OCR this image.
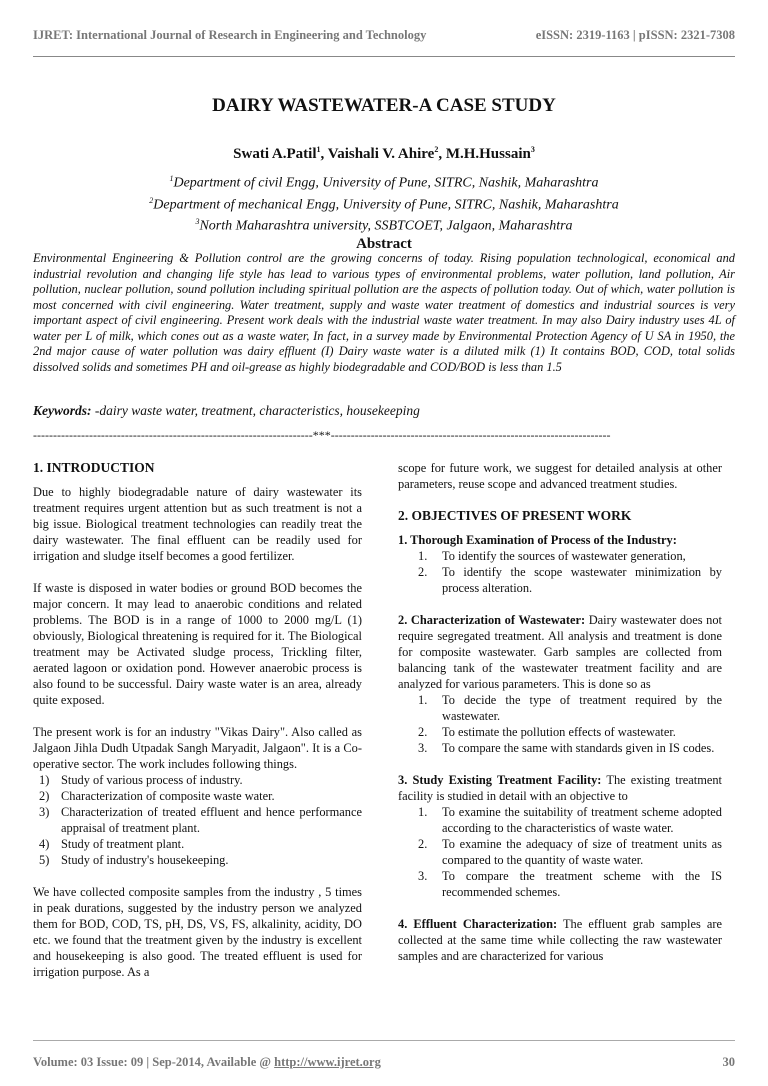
IJRET: International Journal of Research in Engineering and Technology	eISSN: 2319-1163 | pISSN: 2321-7308
DAIRY WASTEWATER-A CASE STUDY
Swati A.Patil$^1$, Vaishali V. Ahire$^2$, M.H.Hussain$^3$
$^1$Department of civil Engg, University of Pune, SITRC, Nashik, Maharashtra
$^2$Department of mechanical Engg, University of Pune, SITRC, Nashik, Maharashtra
$^3$North Maharashtra university, SSBTCOET, Jalgaon, Maharashtra
Abstract
Environmental Engineering & Pollution control are the growing concerns of today. Rising population technological, economical and industrial revolution and changing life style has lead to various types of environmental problems, water pollution, land pollution, Air pollution, nuclear pollution, sound pollution including spiritual pollution are the aspects of pollution today. Out of which, water pollution is most concerned with civil engineering. Water treatment, supply and waste water treatment of domestics and industrial sources is very important aspect of civil engineering. Present work deals with the industrial waste water treatment. In may also Dairy industry uses 4L of water per L of milk, which cones out as a waste water, In fact, in a survey made by Environmental Protection Agency of U SA in 1950, the 2nd major cause of water pollution was dairy effluent (I) Dairy waste water is a diluted milk (1) It contains BOD, COD, total solids dissolved solids and sometimes PH and oil-grease as highly biodegradable and COD/BOD is less than 1.5
Keywords: -dairy waste water, treatment, characteristics, housekeeping
----------------------------------------------------------------------***----------------------------------------------------------------------
1. INTRODUCTION

Due to highly biodegradable nature of dairy wastewater its treatment requires urgent attention but as such treatment is not a big issue. Biological treatment technologies can readily treat the dairy wastewater. The final effluent can be readily used for irrigation and sludge itself becomes a good fertilizer.

If waste is disposed in water bodies or ground BOD becomes the major concern. It may lead to anaerobic conditions and related problems. The BOD is in a range of 1000 to 2000 mg/L (1) obviously, Biological threatening is required for it. The Biological treatment may be Activated sludge process, Trickling filter, aerated lagoon or oxidation pond. However anaerobic process is also found to be successful. Dairy waste water is an area, already quite exposed.

The present work is for an industry "Vikas Dairy". Also called as Jalgaon Jihla Dudh Utpadak Sangh Maryadit, Jalgaon". It is a Co-operative sector. The work includes following things.

1) Study of various process of industry.
2) Characterization of composite waste water.
3) Characterization of treated effluent and hence performance appraisal of treatment plant.
4) Study of treatment plant.
5) Study of industry's housekeeping.

We have collected composite samples from the industry , 5 times in peak durations, suggested by the industry person we analyzed them for BOD, COD, TS, pH, DS, VS, FS, alkalinity, acidity, DO etc. we found that the treatment given by the industry is excellent and housekeeping is also good. The treated effluent is used for irrigation purpose. As a

scope for future work, we suggest for detailed analysis at other parameters, reuse scope and advanced treatment studies.

2. OBJECTIVES OF PRESENT WORK
1. Thorough Examination of Process of the Industry:
1.	To identify the sources of wastewater generation,
2.	To identify the scope wastewater minimization by process alteration.

2. Characterization of Wastewater: Dairy wastewater does not require segregated treatment. All analysis and treatment is done for composite wastewater. Garb samples are collected from balancing tank of the wastewater treatment facility and are analyzed for various parameters. This is done so as

1.	To decide the type of treatment required by the wastewater.
2.	To estimate the pollution effects of wastewater.
3.	To compare the same with standards given in IS codes.

3. Study Existing Treatment Facility: The existing treatment facility is studied in detail with an objective to

1.	To examine the suitability of treatment scheme adopted according to the characteristics of waste water.
2.	To examine the adequacy of size of treatment units as compared to the quantity of waste water.
3.	To compare the treatment scheme with the IS recommended schemes.

4. Effluent Characterization: The effluent grab samples are collected at the same time while collecting the raw wastewater samples and are characterized for various

Volume: 03 Issue: 09 | Sep-2014, Available @ http://www.ijret.org	30
